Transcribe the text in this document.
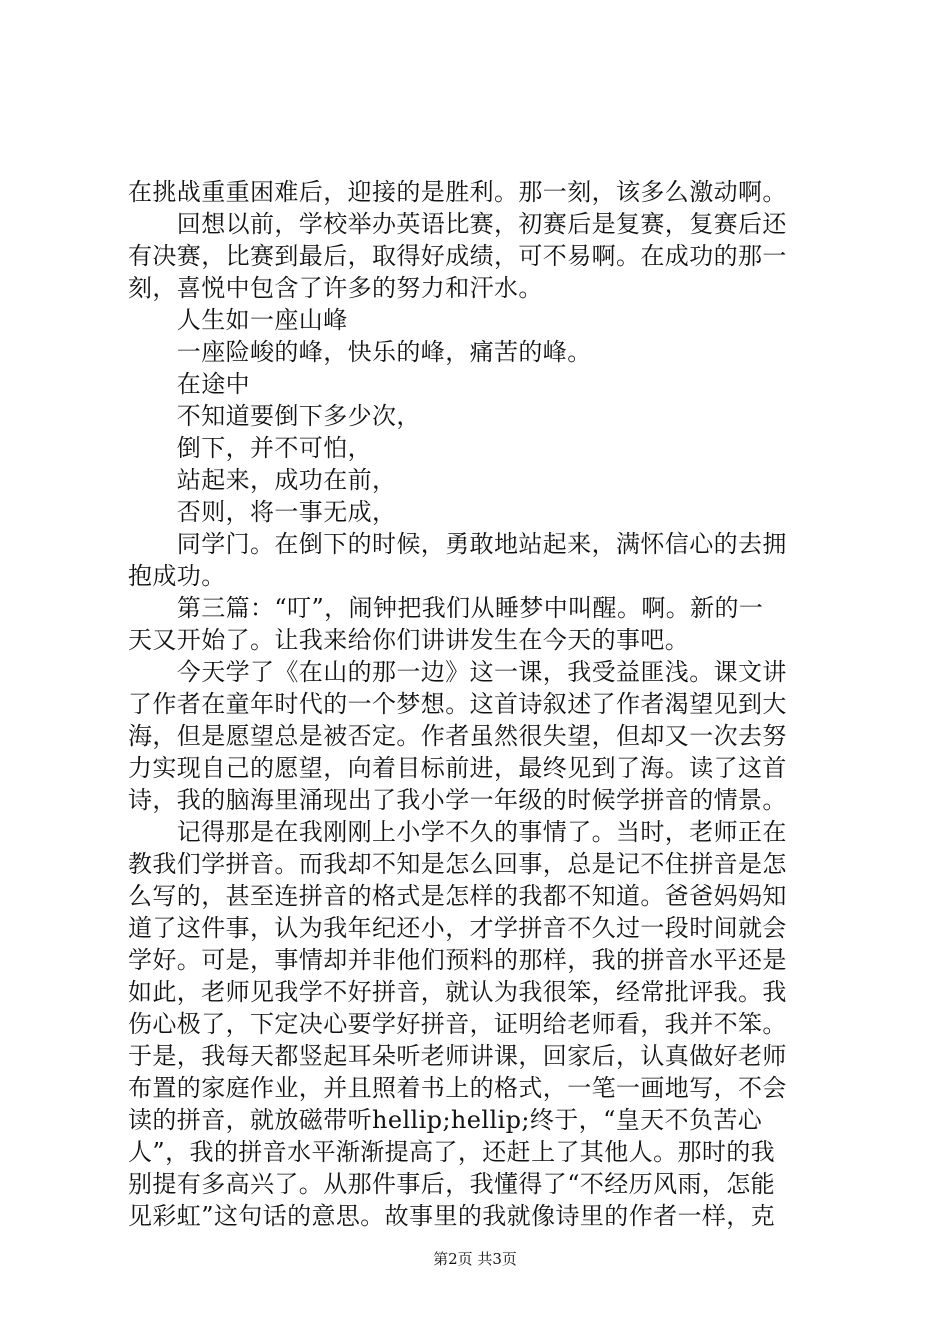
在挑战重重困难后，迎接的是胜利。那一刻，该多么激动啊。
　　回想以前，学校举办英语比赛，初赛后是复赛，复赛后还
有决赛，比赛到最后，取得好成绩，可不易啊。在成功的那一
刻，喜悦中包含了许多的努力和汗水。
　　人生如一座山峰
　　一座险峻的峰，快乐的峰，痛苦的峰。
　　在途中
　　不知道要倒下多少次，
　　倒下，并不可怕，
　　站起来，成功在前，
　　否则，将一事无成，
　　同学门。在倒下的时候，勇敢地站起来，满怀信心的去拥
抱成功。
　　第三篇：“叮”，闹钟把我们从睡梦中叫醒。啊。新的一
天又开始了。让我来给你们讲讲发生在今天的事吧。
　　今天学了《在山的那一边》这一课，我受益匪浅。课文讲
了作者在童年时代的一个梦想。这首诗叙述了作者渴望见到大
海，但是愿望总是被否定。作者虽然很失望，但却又一次去努
力实现自己的愿望，向着目标前进，最终见到了海。读了这首
诗，我的脑海里涌现出了我小学一年级的时候学拼音的情景。
　　记得那是在我刚刚上小学不久的事情了。当时，老师正在
教我们学拼音。而我却不知是怎么回事，总是记不住拼音是怎
么写的，甚至连拼音的格式是怎样的我都不知道。爸爸妈妈知
道了这件事，认为我年纪还小，才学拼音不久过一段时间就会
学好。可是，事情却并非他们预料的那样，我的拼音水平还是
如此，老师见我学不好拼音，就认为我很笨，经常批评我。我
伤心极了，下定决心要学好拼音，证明给老师看，我并不笨。
于是，我每天都竖起耳朵听老师讲课，回家后，认真做好老师
布置的家庭作业，并且照着书上的格式，一笔一画地写，不会
读的拼音，就放磁带听hellip;hellip;终于，“皇天不负苦心
人”，我的拼音水平渐渐提高了，还赶上了其他人。那时的我
别提有多高兴了。从那件事后，我懂得了“不经历风雨，怎能
见彩虹”这句话的意思。故事里的我就像诗里的作者一样，克
第2页 共3页
